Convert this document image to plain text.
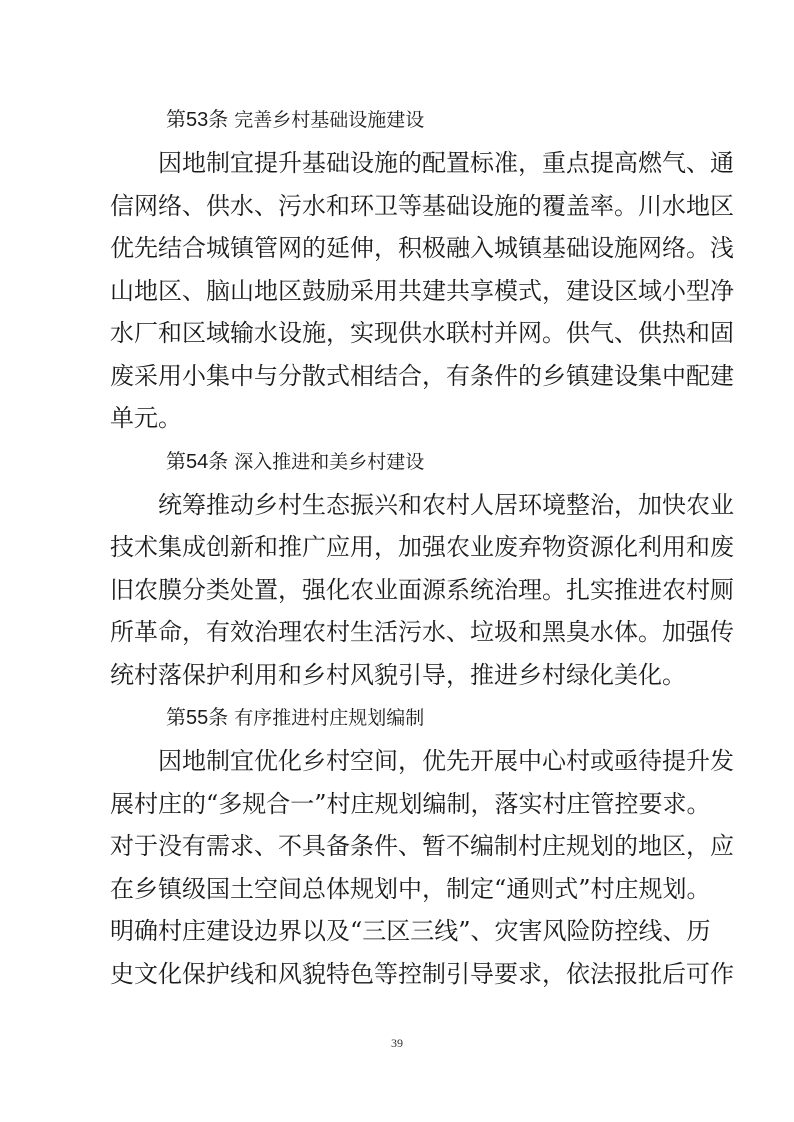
第53条 完善乡村基础设施建设

因地制宜提升基础设施的配置标准，重点提高燃气、通
信网络、供水、污水和环卫等基础设施的覆盖率。川水地区
优先结合城镇管网的延伸，积极融入城镇基础设施网络。浅
山地区、脑山地区鼓励采用共建共享模式，建设区域小型净
水厂和区域输水设施，实现供水联村并网。供气、供热和固
废采用小集中与分散式相结合，有条件的乡镇建设集中配建
单元。

第54条 深入推进和美乡村建设

统筹推动乡村生态振兴和农村人居环境整治，加快农业
技术集成创新和推广应用，加强农业废弃物资源化利用和废
旧农膜分类处置，强化农业面源系统治理。扎实推进农村厕
所革命，有效治理农村生活污水、垃圾和黑臭水体。加强传
统村落保护利用和乡村风貌引导，推进乡村绿化美化。

第55条 有序推进村庄规划编制

因地制宜优化乡村空间，优先开展中心村或亟待提升发
展村庄的“多规合一”村庄规划编制，落实村庄管控要求。
对于没有需求、不具备条件、暂不编制村庄规划的地区，应
在乡镇级国土空间总体规划中，制定“通则式”村庄规划。
明确村庄建设边界以及“三区三线”、灾害风险防控线、历
史文化保护线和风貌特色等控制引导要求，依法报批后可作

39
